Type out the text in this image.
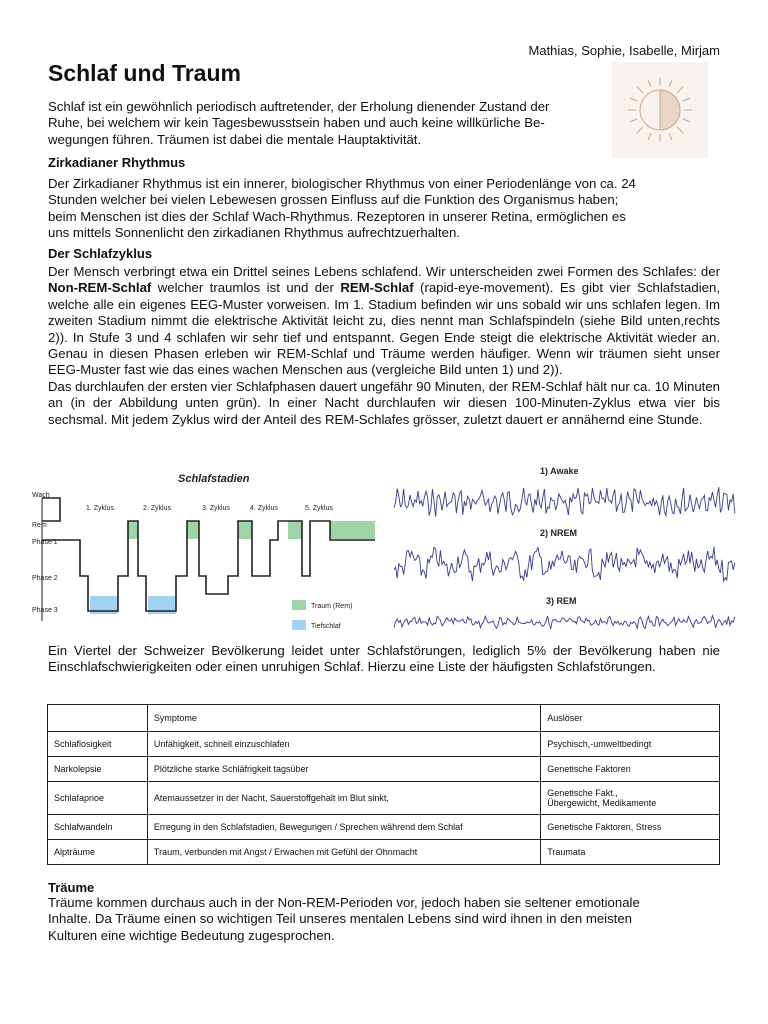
Mathias, Sophie, Isabelle, Mirjam
Schlaf und Traum

Schlaf ist ein gewöhnlich periodisch auftretender, der Erholung dienender Zustand der

Ruhe, bei welchem wir kein Tagesbewusstsein haben und auch keine willkürliche Be-

wegungen führen. Träumen ist dabei die mentale Hauptaktivität.

Zirkadianer Rhythmus

Der Zirkadianer Rhythmus ist ein innerer, biologischer Rhythmus von einer Periodenlänge von ca. 24

Stunden welcher bei vielen Lebewesen grossen Einfluss auf die Funktion des Organismus haben;

beim Menschen ist dies der Schlaf Wach-Rhythmus. Rezeptoren in unserer Retina, ermöglichen es

uns mittels Sonnenlicht den zirkadianen Rhythmus aufrechtzuerhalten.

Der Schlafzyklus

Der Mensch verbringt etwa ein Drittel seines Lebens schlafend. Wir unterscheiden zwei Formen des Schlafes: der Non-REM-Schlaf welcher traumlos ist und der REM-Schlaf (rapid-eye-movement). Es gibt vier Schlafstadien, welche alle ein eigenes EEG-Muster vorweisen. Im 1. Stadium befinden wir uns sobald wir uns schlafen legen. Im zweiten Stadium nimmt die elektrische Aktivität leicht zu, dies nennt man Schlafspindeln (siehe Bild unten,rechts 2)). In Stufe 3 und 4 schlafen wir sehr tief und entspannt. Gegen Ende steigt die elektrische Aktivität wieder an. Genau in diesen Phasen erleben wir REM-Schlaf und Träume werden häufiger. Wenn wir träumen sieht unser EEG-Muster fast wie das eines wachen Menschen aus (vergleiche Bild unten 1) und 2)).

Das durchlaufen der ersten vier Schlafphasen dauert ungefähr 90 Minuten, der REM-Schlaf hält nur ca. 10 Minuten an (in der Abbildung unten grün). In einer Nacht durchlaufen wir diesen 100-Minuten-Zyklus etwa vier bis sechsmal. Mit jedem Zyklus wird der Anteil des REM-Schlafes grösser, zuletzt dauert er annähernd eine Stunde.

Schlafstadien
Wach
Rem
Phase 1
Phase 2
Phase 3
1. Zyklus	2. Zyklus	3. Zyklus	4. Zyklus	5. Zyklus
Traum (Rem)
Tiefschlaf
1) Awake
2) NREM
3) REM

Ein Viertel der Schweizer Bevölkerung leidet unter Schlafstörungen, lediglich 5% der Bevölkerung haben nie Einschlafschwierigkeiten oder einen unruhigen Schlaf. Hierzu eine Liste der häufigsten Schlafstörungen.

	Symptome	Auslöser
Schlaflosigkeit	Unfähigkeit, schnell einzuschlafen	Psychisch,-umweltbedingt
Narkolepsie	Plötzliche starke Schläfrigkeit tagsüber	Genetische Faktoren
Schlafapnoe	Atemaussetzer in der Nacht, Sauerstoffgehalt im Blut sinkt,	Genetische Fakt.,
Übergewicht, Medikamente

Schlafwandeln	Erregung in den Schlafstadien, Bewegungen / Sprechen während dem Schlaf	Genetische Faktoren, Stress
Alpträume	Traum, verbunden mit Angst / Erwachen mit Gefühl der Ohnmacht	Traumata
Träume

Träume kommen durchaus auch in der Non-REM-Perioden vor, jedoch haben sie seltener emotionale

Inhalte. Da Träume einen so wichtigen Teil unseres mentalen Lebens sind wird ihnen in den meisten

Kulturen eine wichtige Bedeutung zugesprochen.
